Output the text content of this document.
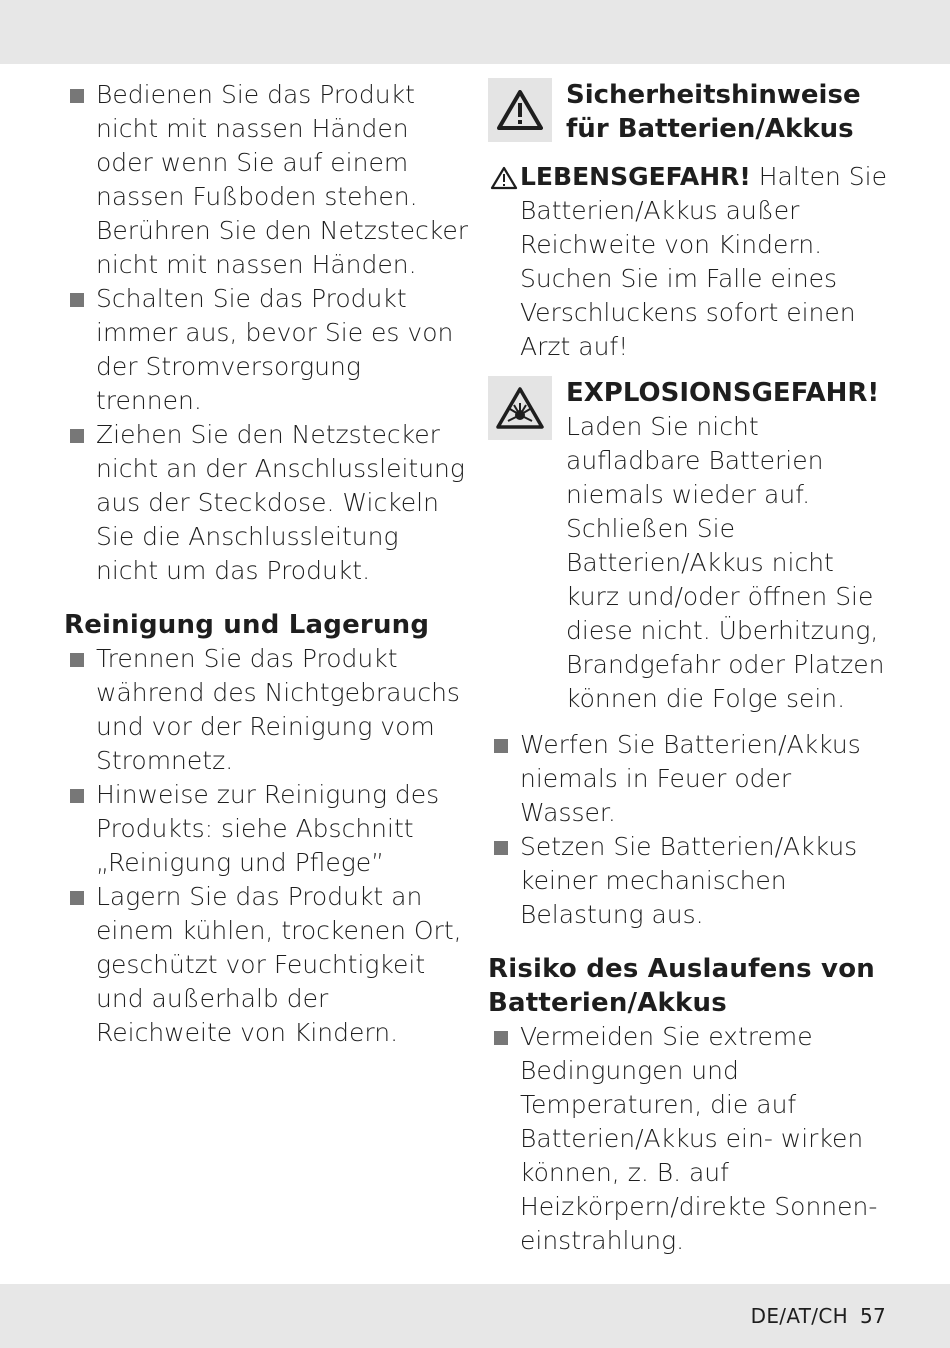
Bedienen Sie das Produkt nicht mit nassen Händen oder wenn Sie auf einem nassen Fußboden stehen. Berühren Sie den Netzstecker nicht mit nassen Händen.
Schalten Sie das Produkt immer aus, bevor Sie es von der Stromversorgung trennen.
Ziehen Sie den Netzstecker nicht an der Anschlussleitung aus der Steckdose. Wickeln Sie die Anschlussleitung nicht um das Produkt.
Reinigung und Lagerung
Trennen Sie das Produkt während des Nichtgebrauchs und vor der Reinigung vom Stromnetz.
Hinweise zur Reinigung des Produkts: siehe Abschnitt „Reinigung und Pflege”
Lagern Sie das Produkt an einem kühlen, trockenen Ort, geschützt vor Feuchtigkeit und außerhalb der Reichweite von Kindern.
Sicherheitshinweise
für Batterien/Akkus
LEBENSGEFAHR! Halten Sie Batterien/Akkus außer Reichweite von Kindern. Suchen Sie im Falle eines Verschluckens sofort einen Arzt auf!
EXPLOSIONSGEFAHR!
Laden Sie nicht aufladbare Batterien niemals wieder auf. Schließen Sie Batterien/Akkus nicht kurz und/oder öffnen Sie diese nicht. Überhitzung, Brandgefahr oder Platzen können die Folge sein.
Werfen Sie Batterien/Akkus niemals in Feuer oder Wasser.
Setzen Sie Batterien/Akkus keiner mechanischen Belastung aus.
Risiko des Auslaufens von
Batterien/Akkus
Vermeiden Sie extreme Bedingungen und Temperaturen, die auf Batterien/Akkus ein- wirken können, z. B. auf Heizkörpern/direkte Sonnen- einstrahlung.
DE/AT/CH 57
